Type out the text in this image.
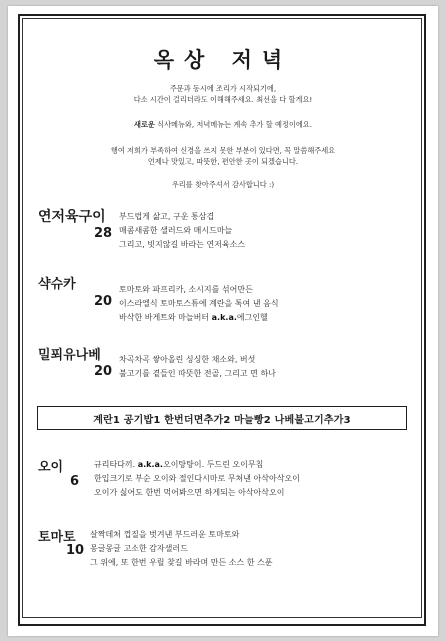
옥상 저녁
주문과 동시에 조리가 시작되기에,
다소 시간이 걸리더라도 이해해주세요. 최선을 다 할게요!
새로운 식사메뉴와, 저녁메뉴는 계속 추가 할 예정이에요.
행여 저희가 부족하여 신경을 쓰지 못한 부분이 있다면, 꼭 말씀해주세요
언제나 맛있고, 따뜻한, 편안한 곳이 되겠습니다.
우리를 찾아주셔서 감사합니다 :)
연저육구이
28
부드럽게 삶고, 구운 통삼겹
매콤새콤한 샐러드와 매시드마늘
그리고, 빗지않길 바라는 연저육소스
샥슈카
20
토마토와 파프리카, 소시지를 섞어만든
이스라엘식 토마토스튜에 계란을 톡여 낸 음식
바삭한 바게트와 마늘버터 a.k.a.에그인헬
밀푀유나베
20
차곡차곡 쌓아올린 싱싱한 채소와, 버섯
불고기를 곁들인 따뜻한 전골, 그리고 면 하나
계란1 공기밥1 한번더면추가2 마늘빵2 나베불고기추가3
오이
6
규리타다끼. a.k.a.오이탕탕이. 두드린 오이무침
한입크기로 부순 오이와 절인다시마로 무쳐낸 아삭아삭오이
오이가 싫어도 한번 먹어봐으면 하게되는 아삭아삭오이
토마토
10
살짝데쳐 껍질을 벗겨낸 부드러운 토마토와
몽글몽글 고소한 감자샐러드
그 위에, 또 한번 우릴 찾길 바라며 만든 소스 한 스푼
